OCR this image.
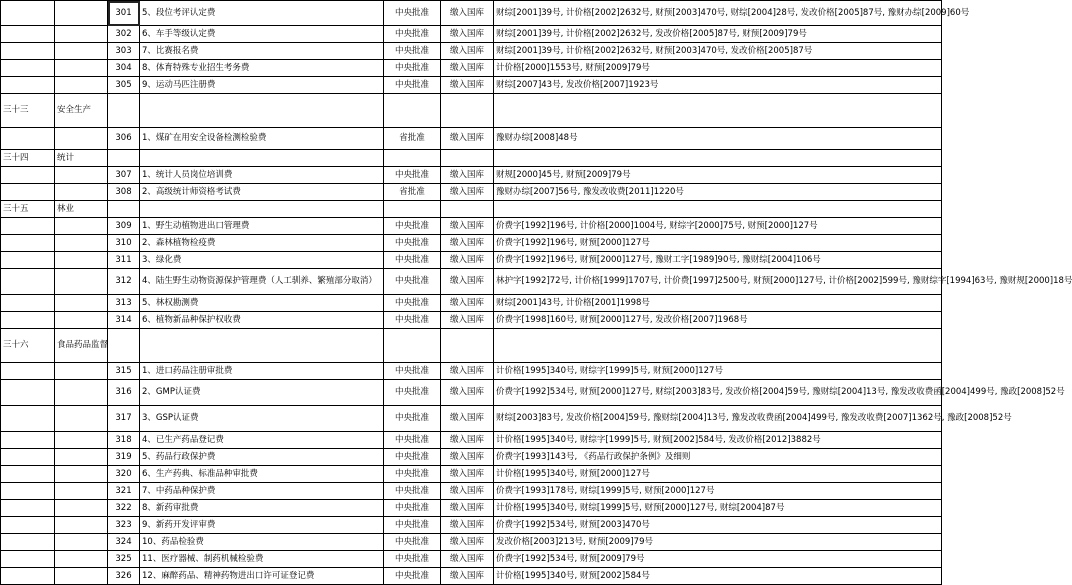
		301	5、段位考评认定费	中央批准	缴入国库	财综[2001]39号, 计价格[2002]2632号, 财预[2003]470号, 财综[2004]28号, 发改价格[2005]87号, 豫财办综[2009]60号
		302	6、车手等级认定费	中央批准	缴入国库	财综[2001]39号, 计价格[2002]2632号, 发改价格[2005]87号, 财预[2009]79号
		303	7、比赛报名费	中央批准	缴入国库	财综[2001]39号, 计价格[2002]2632号, 财预[2003]470号, 发改价格[2005]87号
		304	8、体育特殊专业招生考务费	中央批准	缴入国库	计价格[2000]1553号, 财预[2009]79号
		305	9、运动马匹注册费	中央批准	缴入国库	财综[2007]43号, 发改价格[2007]1923号
三十三	安全生产					
		306	1、煤矿在用安全设备检测检验费	省批准	缴入国库	豫财办综[2008]48号
三十四	统计					
		307	1、统计人员岗位培训费	中央批准	缴入国库	财规[2000]45号, 财预[2009]79号
		308	2、高级统计师资格考试费	省批准	缴入国库	豫财办综[2007]56号, 豫发改收费[2011]1220号
三十五	林业					
		309	1、野生动植物进出口管理费	中央批准	缴入国库	价费字[1992]196号, 计价格[2000]1004号, 财综字[2000]75号, 财预[2000]127号
		310	2、森林植物检疫费	中央批准	缴入国库	价费字[1992]196号, 财预[2000]127号
		311	3、绿化费	中央批准	缴入国库	价费字[1992]196号, 财预[2000]127号, 豫财工字[1989]90号, 豫财综[2004]106号
		312	4、陆生野生动物资源保护管理费（人工驯养、繁殖部分取消）	中央批准	缴入国库	林护字[1992]72号, 计价格[1999]1707号, 计价费[1997]2500号, 财预[2000]127号, 计价格[2002]599号, 豫财综字[1994]63号, 豫财规[2000]18号
		313	5、林权勘测费	中央批准	缴入国库	财综[2001]43号, 计价格[2001]1998号
		314	6、植物新品种保护权收费	中央批准	缴入国库	价费字[1998]160号, 财预[2000]127号, 发改价格[2007]1968号
三十六	食品药品监督					
		315	1、进口药品注册审批费	中央批准	缴入国库	计价格[1995]340号, 财综字[1999]5号, 财预[2000]127号
		316	2、GMP认证费	中央批准	缴入国库	价费字[1992]534号, 财预[2000]127号, 财综[2003]83号, 发改价格[2004]59号, 豫财综[2004]13号, 豫发改收费函[2004]499号, 豫政[2008]52号
		317	3、GSP认证费	中央批准	缴入国库	财综[2003]83号, 发改价格[2004]59号, 豫财综[2004]13号, 豫发改收费函[2004]499号, 豫发改收费[2007]1362号, 豫政[2008]52号
		318	4、已生产药品登记费	中央批准	缴入国库	计价格[1995]340号, 财综字[1999]5号, 财预[2002]584号, 发改价格[2012]3882号
		319	5、药品行政保护费	中央批准	缴入国库	价费字[1993]143号, 《药品行政保护条例》及细则
		320	6、生产药典、标准品种审批费	中央批准	缴入国库	计价格[1995]340号, 财预[2000]127号
		321	7、中药品种保护费	中央批准	缴入国库	价费字[1993]178号, 财综[1999]5号, 财预[2000]127号
		322	8、新药审批费	中央批准	缴入国库	计价格[1995]340号, 财综[1999]5号, 财预[2000]127号, 财综[2004]87号
		323	9、新药开发评审费	中央批准	缴入国库	价费字[1992]534号, 财预[2003]470号
		324	10、药品检验费	中央批准	缴入国库	发改价格[2003]213号, 财预[2009]79号
		325	11、医疗器械、制药机械检验费	中央批准	缴入国库	价费字[1992]534号, 财预[2009]79号
		326	12、麻醉药品、精神药物进出口许可证登记费	中央批准	缴入国库	计价格[1995]340号, 财预[2002]584号
